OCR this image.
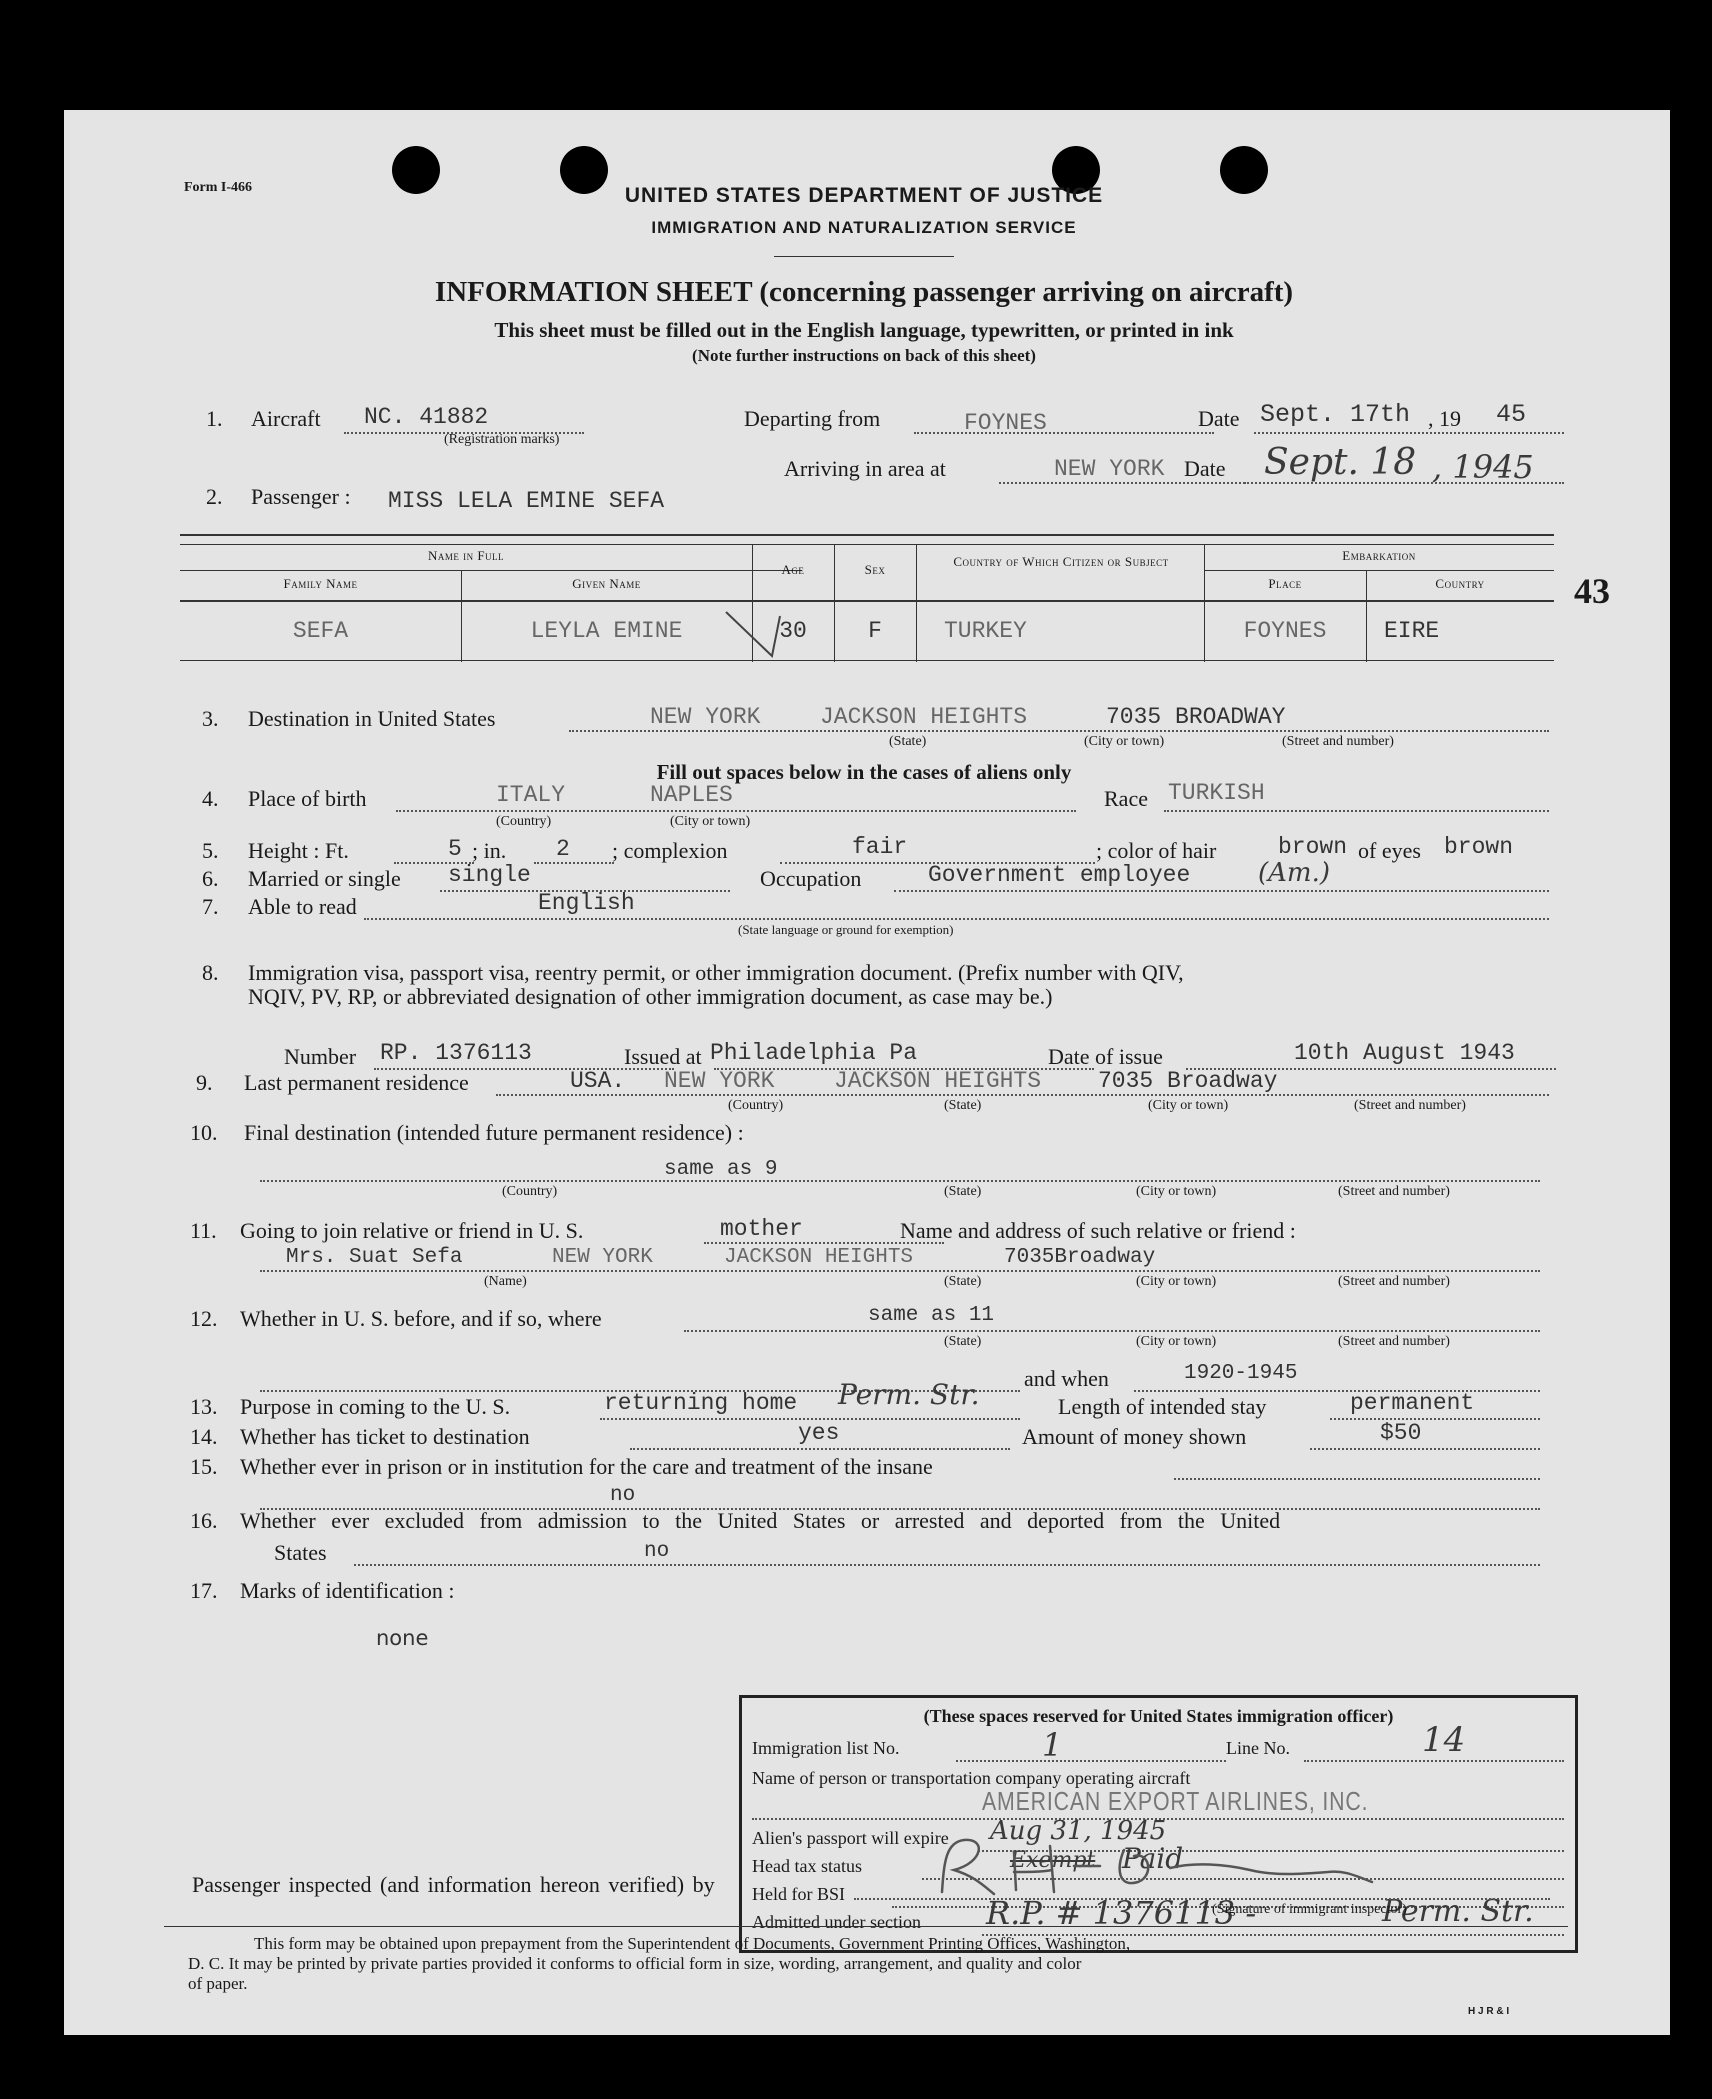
Form I-466	UNITED STATES DEPARTMENT OF JUSTICE
IMMIGRATION AND NATURALIZATION SERVICE
INFORMATION SHEET (concerning passenger arriving on aircraft)
This sheet must be filled out in the English language, typewritten, or printed in ink
(Note further instructions on back of this sheet)
1. Aircraft NC. 41882
(Registration marks)
Departing from	FOYNES	Date Sept. 17th , 19 45
Arriving in area at	NEW YORK Date Sept. 18 , 1945
2. Passenger : MISS LELA EMINE SEFA
Name in Full
Family Name	Given Name
Age	Sex
Country of Which Citizen or Subject	Embarkation
Place	Country
SEFA	LEYLA EMINE	30	F	TURKEY	FOYNES	EIRE
43
3. Destination in United States	NEW YORK	JACKSON HEIGHTS	7035 BROADWAY
(State)	(City or town)	(Street and number)
Fill out spaces below in the cases of aliens only
4. Place of birth	ITALY	NAPLES
(Country)	(City or town)
Race TURKISH
5. Height : Ft.	5 ; in. 2 ; complexion	fair	; color of hair	brown of eyes brown
6. Married or single single	Occupation	Government employee	(Am.)
7. Able to read	English
(State language or ground for exemption)
8. Immigration visa, passport visa, reentry permit, or other immigration document. (Prefix number with QIV,
NQIV, PV, RP, or abbreviated designation of other immigration document, as case may be.)
Number RP. 1376113	Issued at Philadelphia Pa	Date of issue	10th August 1943
9. Last permanent residence	USA. NEW YORK	JACKSON HEIGHTS 7035 Broadway
(Country)	(State)	(City or town)	(Street and number)
10. Final destination (intended future permanent residence) :
same as 9
(Country)	(State)	(City or town)	(Street and number)
11. Going to join relative or friend in U. S.	mother	Name and address of such relative or friend :
Mrs. Suat Sefa	NEW YORK	JACKSON HEIGHTS	7035Broadway
(Name)	(State)	(City or town)	(Street and number)
12. Whether in U. S. before, and if so, where	same as 11
(State)	(City or town)	(Street and number)
and when	1920-1945
13. Purpose in coming to the U. S.	returning home Perm. Str.	Length of intended stay	permanent
14. Whether has ticket to destination	yes	Amount of money shown	$50
15. Whether ever in prison or in institution for the care and treatment of the insane
no
16. Whether ever excluded from admission to the United States or arrested and deported from the United
States	no
17. Marks of identification :
none
(These spaces reserved for United States immigration officer)
Immigration list No.	1	Line No.	14
Name of person or transportation company operating aircraft
AMERICAN EXPORT AIRLINES, INC.
Alien's passport will expire Aug 31, 1945
Head tax status	Exempt Paid
Held for BSI
Admitted under section R.P. # 1376113 -	Perm. Str.
Passenger inspected (and information hereon verified) by
(Signature of immigrant inspector)
This form may be obtained upon prepayment from the Superintendent of Documents, Government Printing Offices, Washington,
D. C. It may be printed by private parties provided it conforms to official form in size, wording, arrangement, and quality and color
of paper.
H J R & I
